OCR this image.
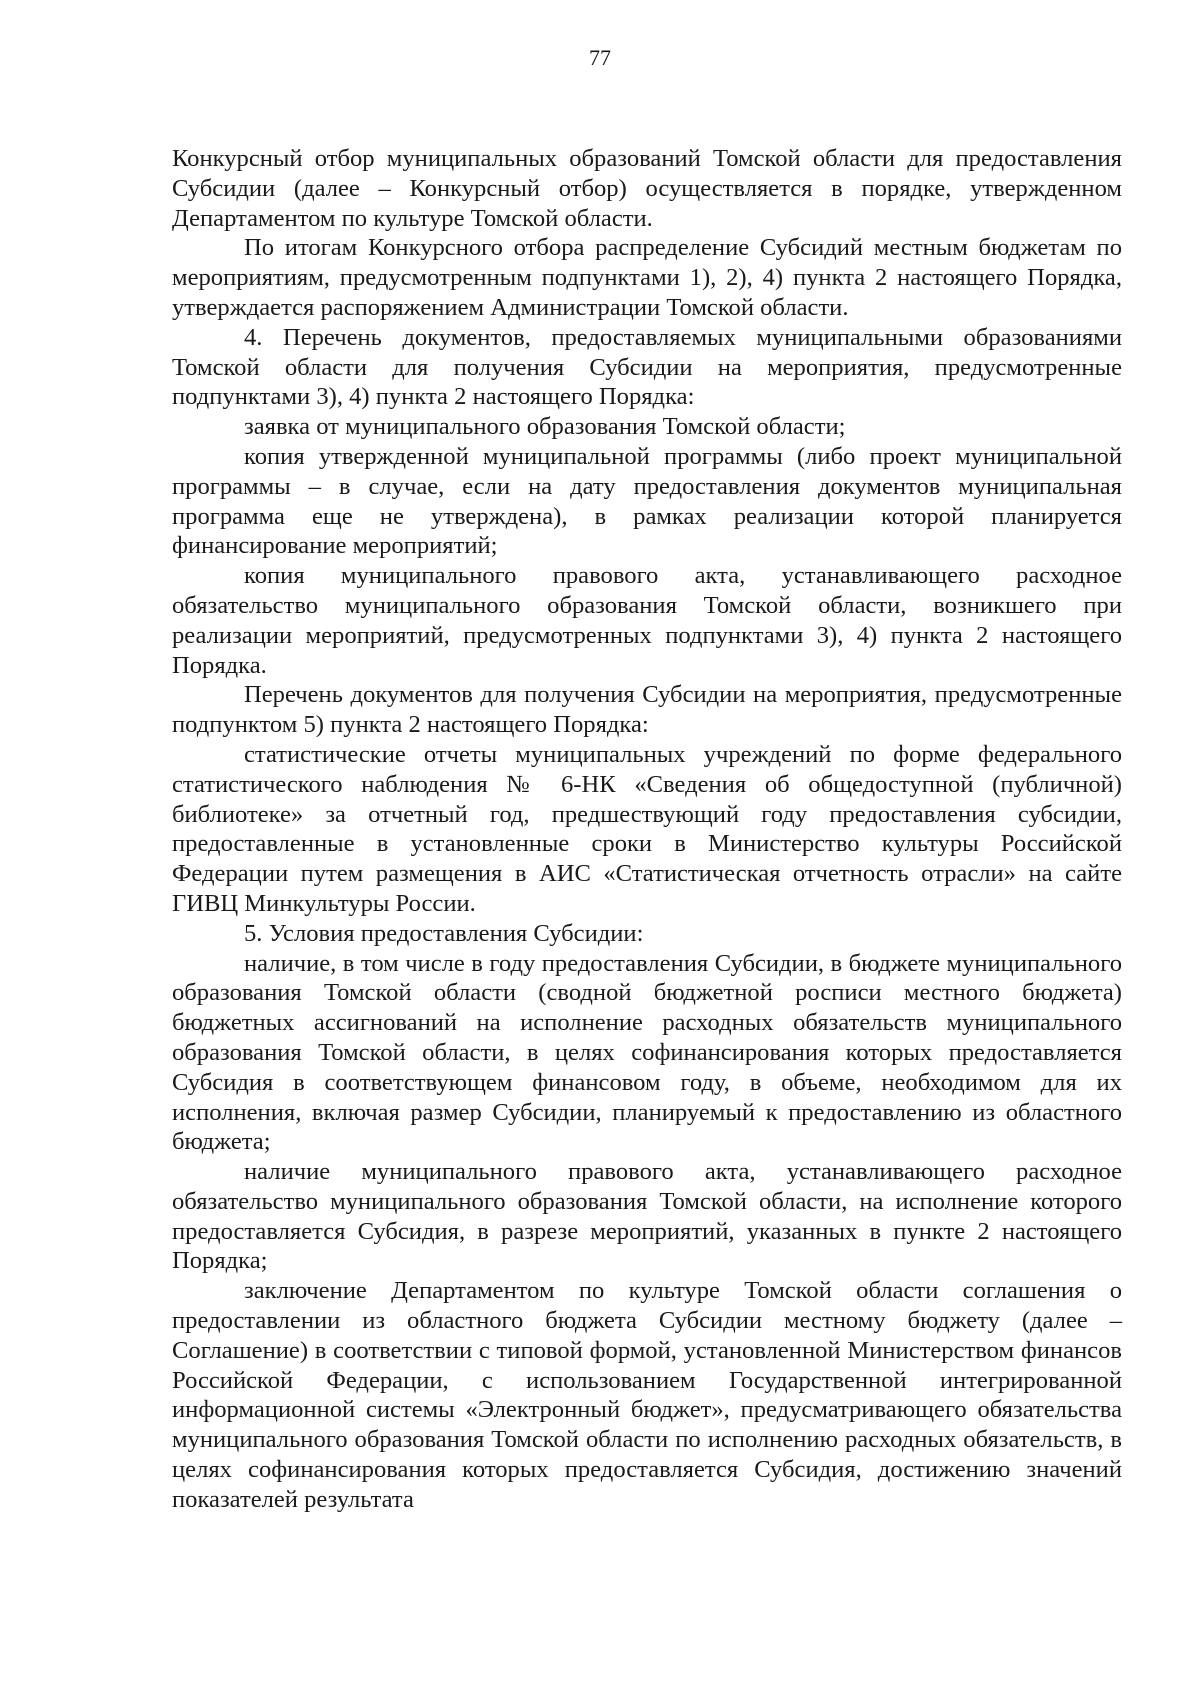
77

Конкурсный отбор муниципальных образований Томской области для предоставления Субсидии (далее – Конкурсный отбор) осуществляется в порядке, утвержденном Департаментом по культуре Томской области.

По итогам Конкурсного отбора распределение Субсидий местным бюджетам по мероприятиям, предусмотренным подпунктами 1), 2), 4) пункта 2 настоящего Порядка, утверждается распоряжением Администрации Томской области.

4. Перечень документов, предоставляемых муниципальными образованиями Томской области для получения Субсидии на мероприятия, предусмотренные подпунктами 3), 4) пункта 2 настоящего Порядка:

заявка от муниципального образования Томской области;

копия утвержденной муниципальной программы (либо проект муниципальной программы – в случае, если на дату предоставления документов муниципальная программа еще не утверждена), в рамках реализации которой планируется финансирование мероприятий;

копия муниципального правового акта, устанавливающего расходное обязательство муниципального образования Томской области, возникшего при реализации мероприятий, предусмотренных подпунктами 3), 4) пункта 2 настоящего Порядка.

Перечень документов для получения Субсидии на мероприятия, предусмотренные подпунктом 5) пункта 2 настоящего Порядка:

статистические отчеты муниципальных учреждений по форме федерального статистического наблюдения № 6-НК «Сведения об общедоступной (публичной) библиотеке» за отчетный год, предшествующий году предоставления субсидии, предоставленные в установленные сроки в Министерство культуры Российской Федерации путем размещения в АИС «Статистическая отчетность отрасли» на сайте ГИВЦ Минкультуры России.

5. Условия предоставления Субсидии:

наличие, в том числе в году предоставления Субсидии, в бюджете муниципального образования Томской области (сводной бюджетной росписи местного бюджета) бюджетных ассигнований на исполнение расходных обязательств муниципального образования Томской области, в целях софинансирования которых предоставляется Субсидия в соответствующем финансовом году, в объеме, необходимом для их исполнения, включая размер Субсидии, планируемый к предоставлению из областного бюджета;

наличие муниципального правового акта, устанавливающего расходное обязательство муниципального образования Томской области, на исполнение которого предоставляется Субсидия, в разрезе мероприятий, указанных в пункте 2 настоящего Порядка;

заключение Департаментом по культуре Томской области соглашения о предоставлении из областного бюджета Субсидии местному бюджету (далее – Соглашение) в соответствии с типовой формой, установленной Министерством финансов Российской Федерации, с использованием Государственной интегрированной информационной системы «Электронный бюджет», предусматривающего обязательства муниципального образования Томской области по исполнению расходных обязательств, в целях софинансирования которых предоставляется Субсидия, достижению значений показателей результата
